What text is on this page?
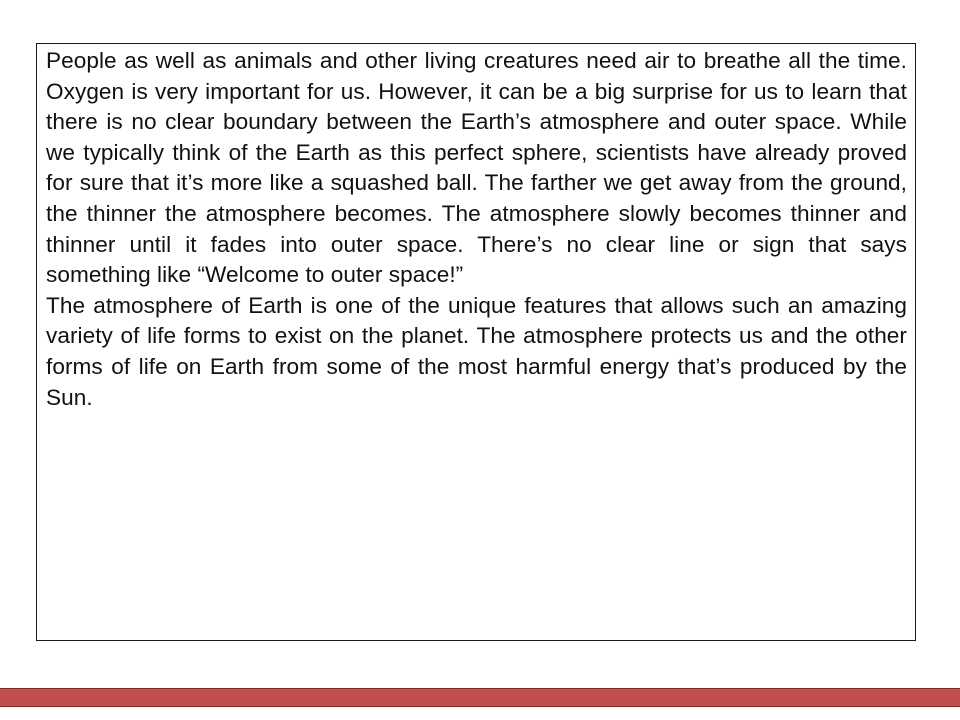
People as well as animals and other living creatures need air to breathe all the time. Oxygen is very important for us. However, it can be a big surprise for us to learn that there is no clear boundary between the Earth’s atmosphere and outer space. While we typically think of the Earth as this perfect sphere, scientists have already proved for sure that it’s more like a squashed ball. The farther we get away from the ground, the thinner the atmosphere becomes. The atmosphere slowly becomes thinner and thinner until it fades into outer space. There’s no clear line or sign that says something like “Welcome to outer space!”

The atmosphere of Earth is one of the unique features that allows such an amazing variety of life forms to exist on the planet. The atmosphere protects us and the other forms of life on Earth from some of the most harmful energy that’s produced by the Sun.
